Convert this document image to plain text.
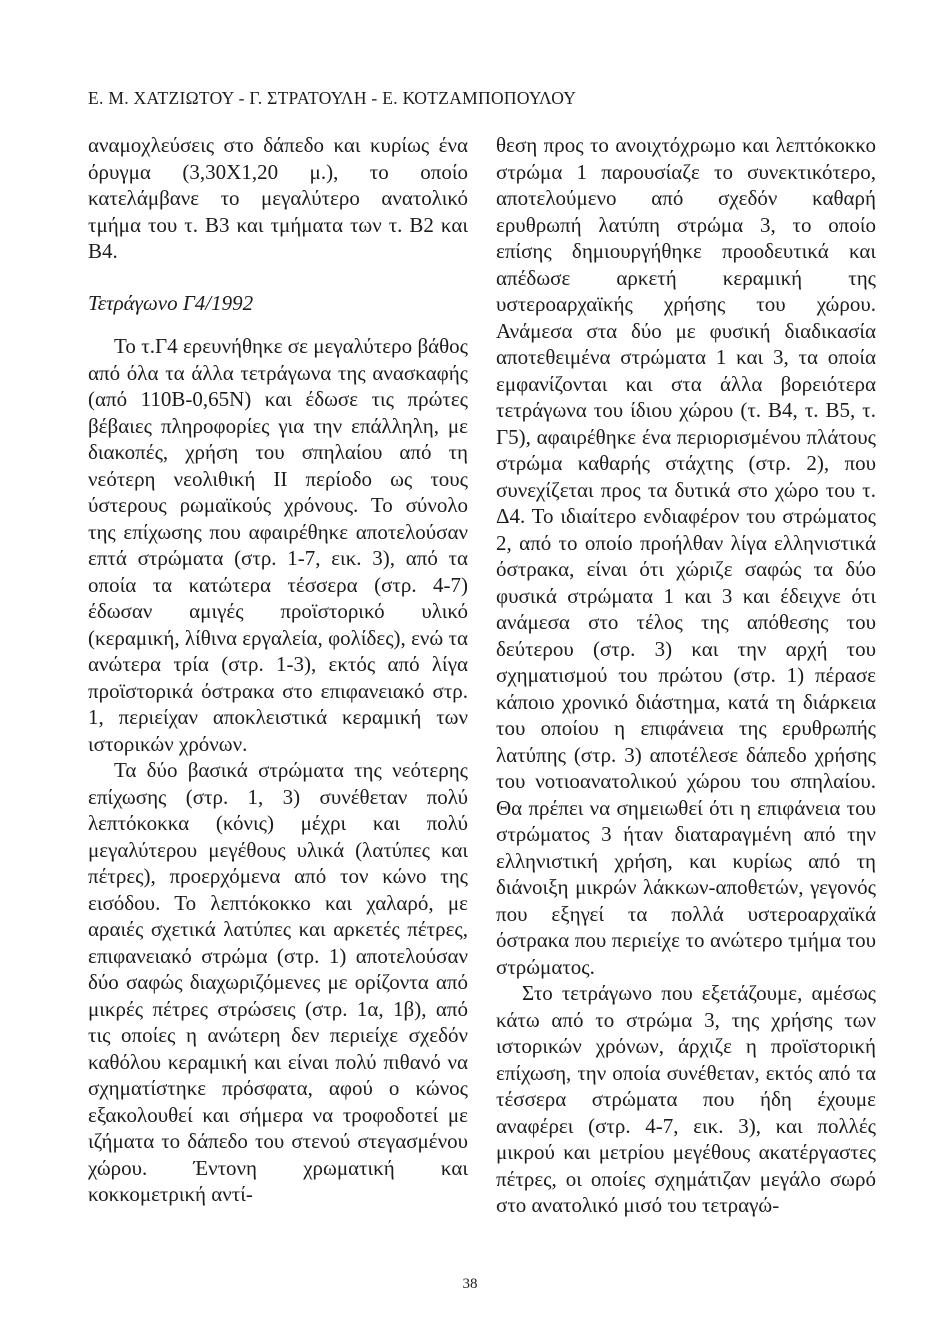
Ε. Μ. ΧΑΤΖΙΩΤΟΥ - Γ. ΣΤΡΑΤΟΥΛΗ - Ε. ΚΟΤΖΑΜΠΟΠΟΥΛΟΥ

αναμοχλεύσεις στο δάπεδο και κυρίως ένα όρυγμα (3,30Χ1,20 μ.), το οποίο κατελάμβανε το μεγαλύτερο ανατολικό τμήμα του τ. Β3 και τμήματα των τ. Β2 και Β4.

Τετράγωνο Γ4/1992

Το τ.Γ4 ερευνήθηκε σε μεγαλύτερο βάθος από όλα τα άλλα τετράγωνα της ανασκαφής (από 110Β-0,65Ν) και έδωσε τις πρώτες βέβαιες πληροφορίες για την επάλληλη, με διακοπές, χρήση του σπηλαίου από τη νεότερη νεολιθική ΙΙ περίοδο ως τους ύστερους ρωμαϊκούς χρόνους. Το σύνολο της επίχωσης που αφαιρέθηκε αποτελούσαν επτά στρώματα (στρ. 1-7, εικ. 3), από τα οποία τα κατώτερα τέσσερα (στρ. 4-7) έδωσαν αμιγές προϊστορικό υλικό (κεραμική, λίθινα εργαλεία, φολίδες), ενώ τα ανώτερα τρία (στρ. 1-3), εκτός από λίγα προϊστορικά όστρακα στο επιφανειακό στρ. 1, περιείχαν αποκλειστικά κεραμική των ιστορικών χρόνων.

Τα δύο βασικά στρώματα της νεότερης επίχωσης (στρ. 1, 3) συνέθεταν πολύ λεπτόκοκκα (κόνις) μέχρι και πολύ μεγαλύτερου μεγέθους υλικά (λατύπες και πέτρες), προερχόμενα από τον κώνο της εισόδου. Το λεπτόκοκκο και χαλαρό, με αραιές σχετικά λατύπες και αρκετές πέτρες, επιφανειακό στρώμα (στρ. 1) αποτελούσαν δύο σαφώς διαχωριζόμενες με ορίζοντα από μικρές πέτρες στρώσεις (στρ. 1α, 1β), από τις οποίες η ανώτερη δεν περιείχε σχεδόν καθόλου κεραμική και είναι πολύ πιθανό να σχηματίστηκε πρόσφατα, αφού ο κώνος εξακολουθεί και σήμερα να τροφοδοτεί με ιζήματα το δάπεδο του στενού στεγασμένου χώρου. Έντονη χρωματική και κοκκομετρική αντί-

θεση προς το ανοιχτόχρωμο και λεπτόκοκκο στρώμα 1 παρουσίαζε το συνεκτικότερο, αποτελούμενο από σχεδόν καθαρή ερυθρωπή λατύπη στρώμα 3, το οποίο επίσης δημιουργήθηκε προοδευτικά και απέδωσε αρκετή κεραμική της υστεροαρχαϊκής χρήσης του χώρου. Ανάμεσα στα δύο με φυσική διαδικασία αποτεθειμένα στρώματα 1 και 3, τα οποία εμφανίζονται και στα άλλα βορειότερα τετράγωνα του ίδιου χώρου (τ. Β4, τ. Β5, τ. Γ5), αφαιρέθηκε ένα περιορισμένου πλάτους στρώμα καθαρής στάχτης (στρ. 2), που συνεχίζεται προς τα δυτικά στο χώρο του τ. Δ4. Το ιδιαίτερο ενδιαφέρον του στρώματος 2, από το οποίο προήλθαν λίγα ελληνιστικά όστρακα, είναι ότι χώριζε σαφώς τα δύο φυσικά στρώματα 1 και 3 και έδειχνε ότι ανάμεσα στο τέλος της απόθεσης του δεύτερου (στρ. 3) και την αρχή του σχηματισμού του πρώτου (στρ. 1) πέρασε κάποιο χρονικό διάστημα, κατά τη διάρκεια του οποίου η επιφάνεια της ερυθρωπής λατύπης (στρ. 3) αποτέλεσε δάπεδο χρήσης του νοτιοανατολικού χώρου του σπηλαίου. Θα πρέπει να σημειωθεί ότι η επιφάνεια του στρώματος 3 ήταν διαταραγμένη από την ελληνιστική χρήση, και κυρίως από τη διάνοιξη μικρών λάκκων-αποθετών, γεγονός που εξηγεί τα πολλά υστεροαρχαϊκά όστρακα που περιείχε το ανώτερο τμήμα του στρώματος.

Στο τετράγωνο που εξετάζουμε, αμέσως κάτω από το στρώμα 3, της χρήσης των ιστορικών χρόνων, άρχιζε η προϊστορική επίχωση, την οποία συνέθεταν, εκτός από τα τέσσερα στρώματα που ήδη έχουμε αναφέρει (στρ. 4-7, εικ. 3), και πολλές μικρού και μετρίου μεγέθους ακατέργαστες πέτρες, οι οποίες σχημάτιζαν μεγάλο σωρό στο ανατολικό μισό του τετραγώ-

38
